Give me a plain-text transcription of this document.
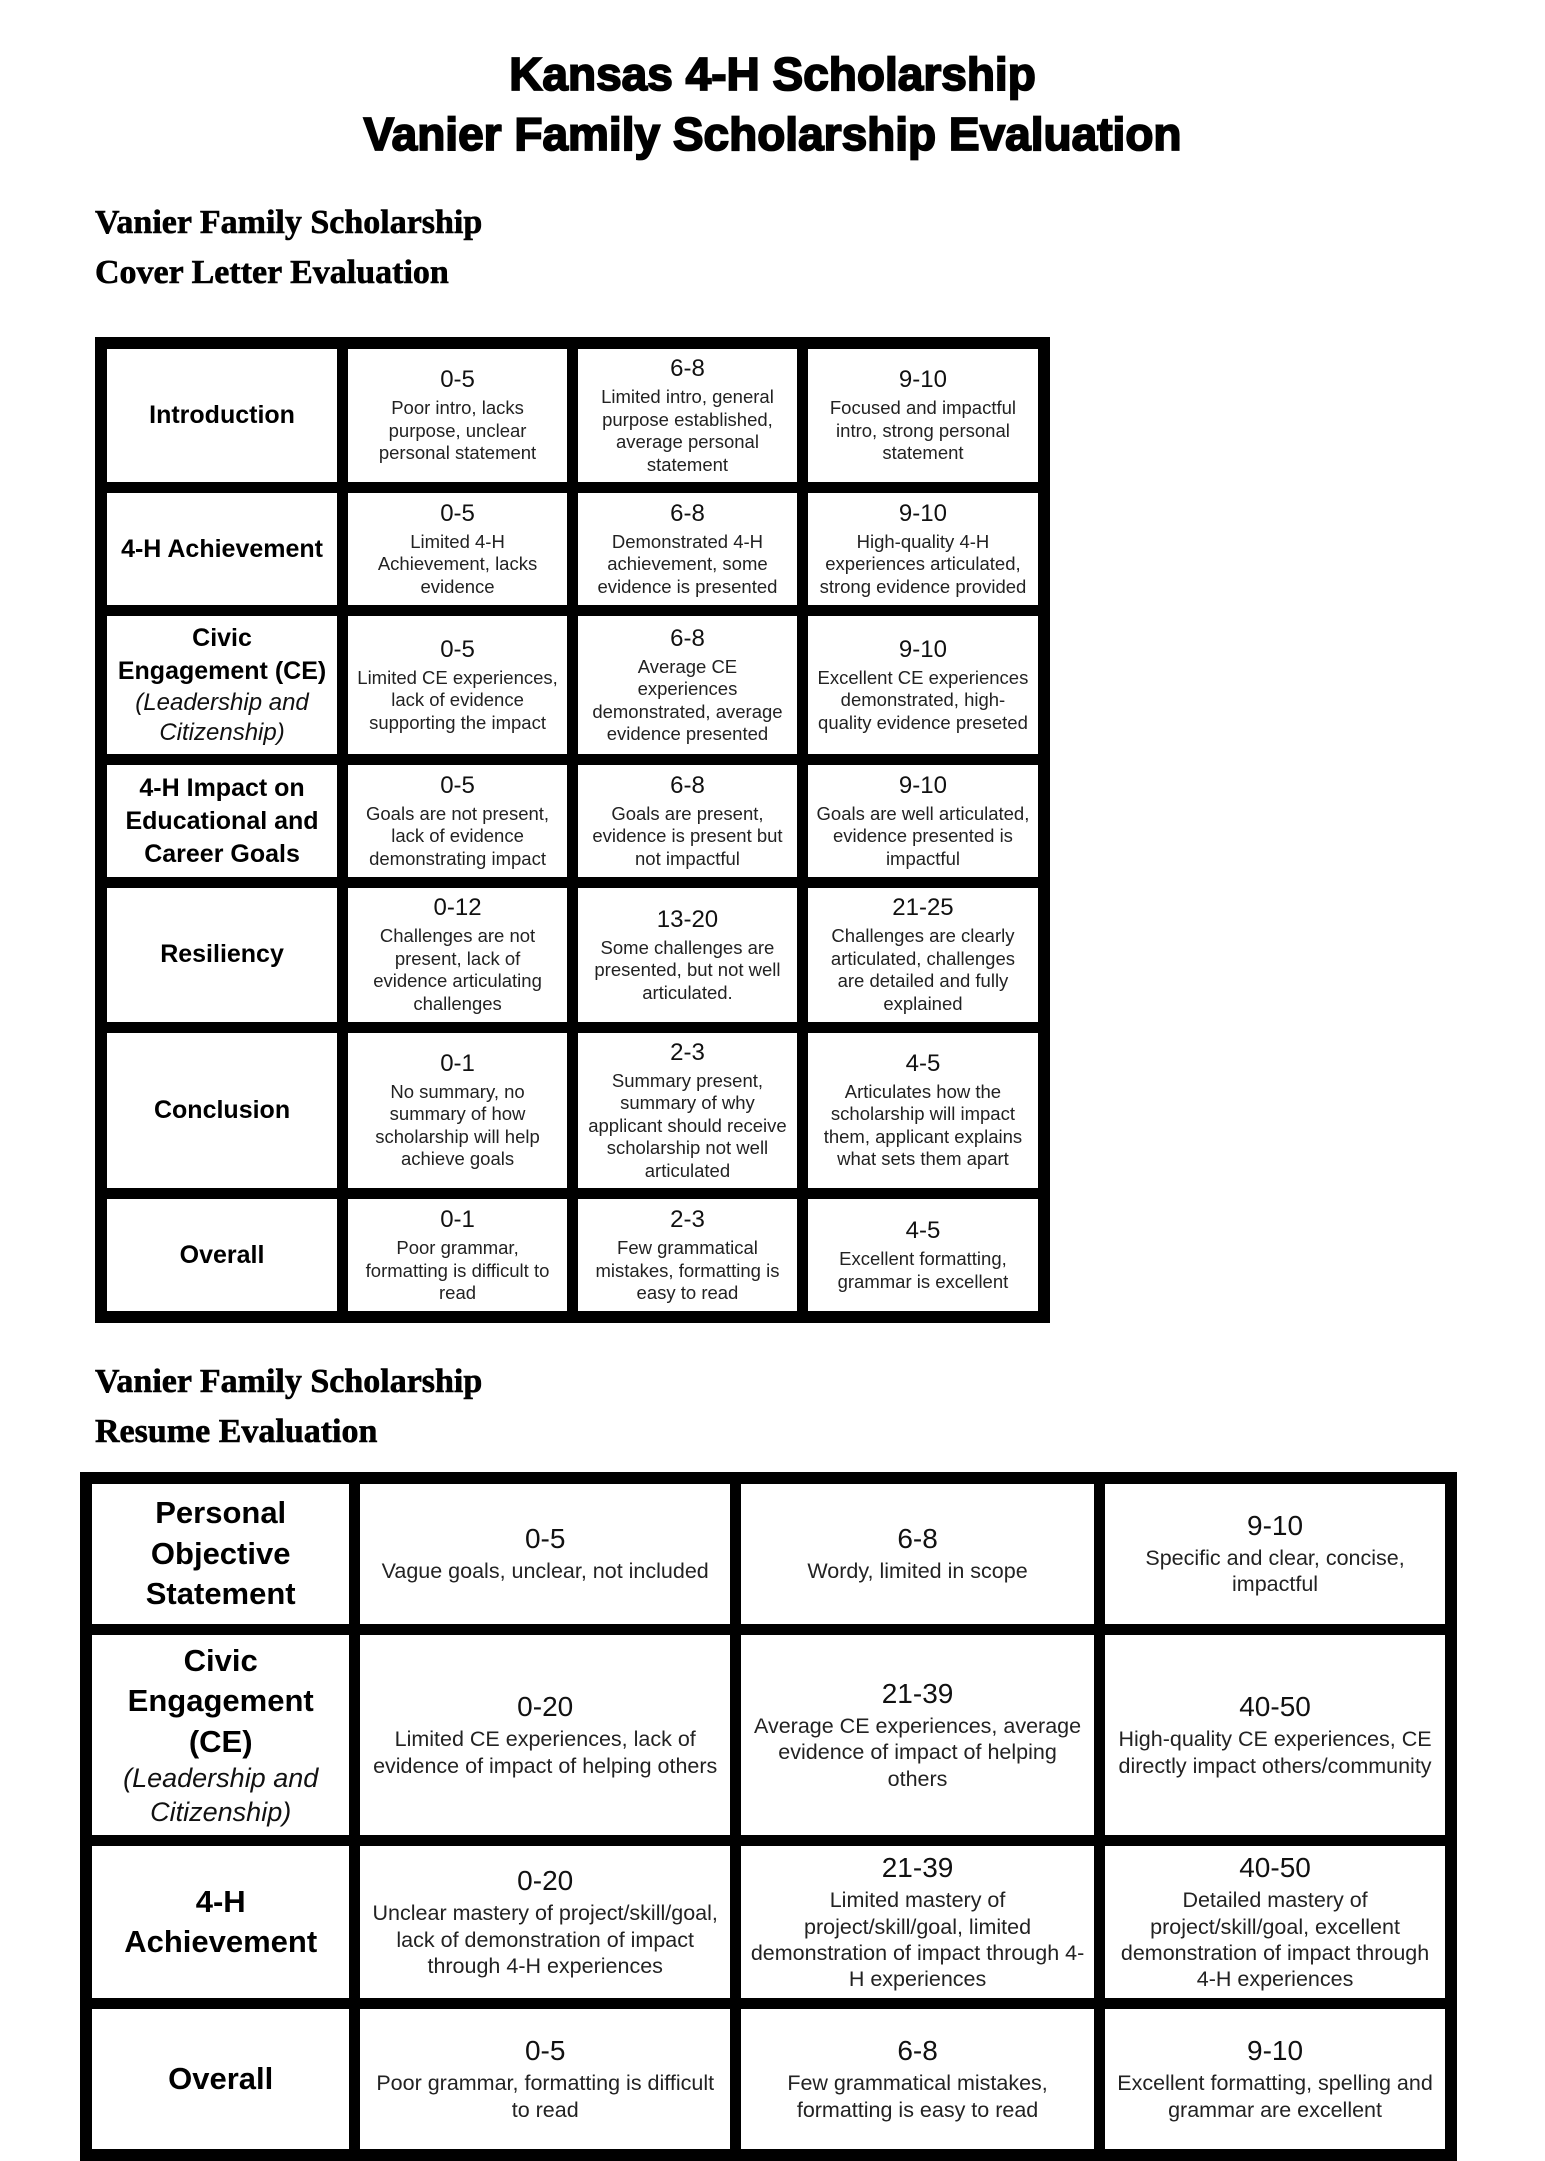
Kansas 4-H Scholarship
Vanier Family Scholarship Evaluation
Vanier Family Scholarship
Cover Letter Evaluation
Introduction
0-5
Poor intro, lacks purpose, unclear personal statement
6-8
Limited intro, general purpose established, average personal statement
9-10
Focused and impactful intro, strong personal statement
4-H Achievement
0-5
Limited 4-H Achievement, lacks evidence
6-8
Demonstrated 4-H achievement, some evidence is presented
9-10
High-quality 4-H experiences articulated, strong evidence provided
Civic Engagement (CE)
(Leadership and Citizenship)
0-5
Limited CE experiences, lack of evidence supporting the impact
6-8
Average CE experiences demonstrated, average evidence presented
9-10
Excellent CE experiences demonstrated, high-quality evidence preseted
4-H Impact on Educational and Career Goals
0-5
Goals are not present, lack of evidence demonstrating impact
6-8
Goals are present, evidence is present but not impactful
9-10
Goals are well articulated, evidence presented is impactful
Resiliency
0-12
Challenges are not present, lack of evidence articulating challenges
13-20
Some challenges are presented, but not well articulated.
21-25
Challenges are clearly articulated, challenges are detailed and fully explained
Conclusion
0-1
No summary, no summary of how scholarship will help achieve goals
2-3
Summary present, summary of why applicant should receive scholarship not well articulated
4-5
Articulates how the scholarship will impact them, applicant explains what sets them apart
Overall
0-1
Poor grammar, formatting is difficult to read
2-3
Few grammatical mistakes, formatting is easy to read
4-5
Excellent formatting, grammar is excellent
Vanier Family Scholarship
Resume Evaluation
Personal Objective Statement
0-5
Vague goals, unclear, not included
6-8
Wordy, limited in scope
9-10
Specific and clear, concise, impactful
Civic Engagement (CE)
(Leadership and Citizenship)
0-20
Limited CE experiences, lack of evidence of impact of helping others
21-39
Average CE experiences, average evidence of impact of helping others
40-50
High-quality CE experiences, CE directly impact others/community
4-H Achievement
0-20
Unclear mastery of project/skill/goal, lack of demonstration of impact through 4-H experiences
21-39
Limited mastery of project/skill/goal, limited demonstration of impact through 4-H experiences
40-50
Detailed mastery of project/skill/goal, excellent demonstration of impact through 4-H experiences
Overall
0-5
Poor grammar, formatting is difficult to read
6-8
Few grammatical mistakes, formatting is easy to read
9-10
Excellent formatting, spelling and grammar are excellent
